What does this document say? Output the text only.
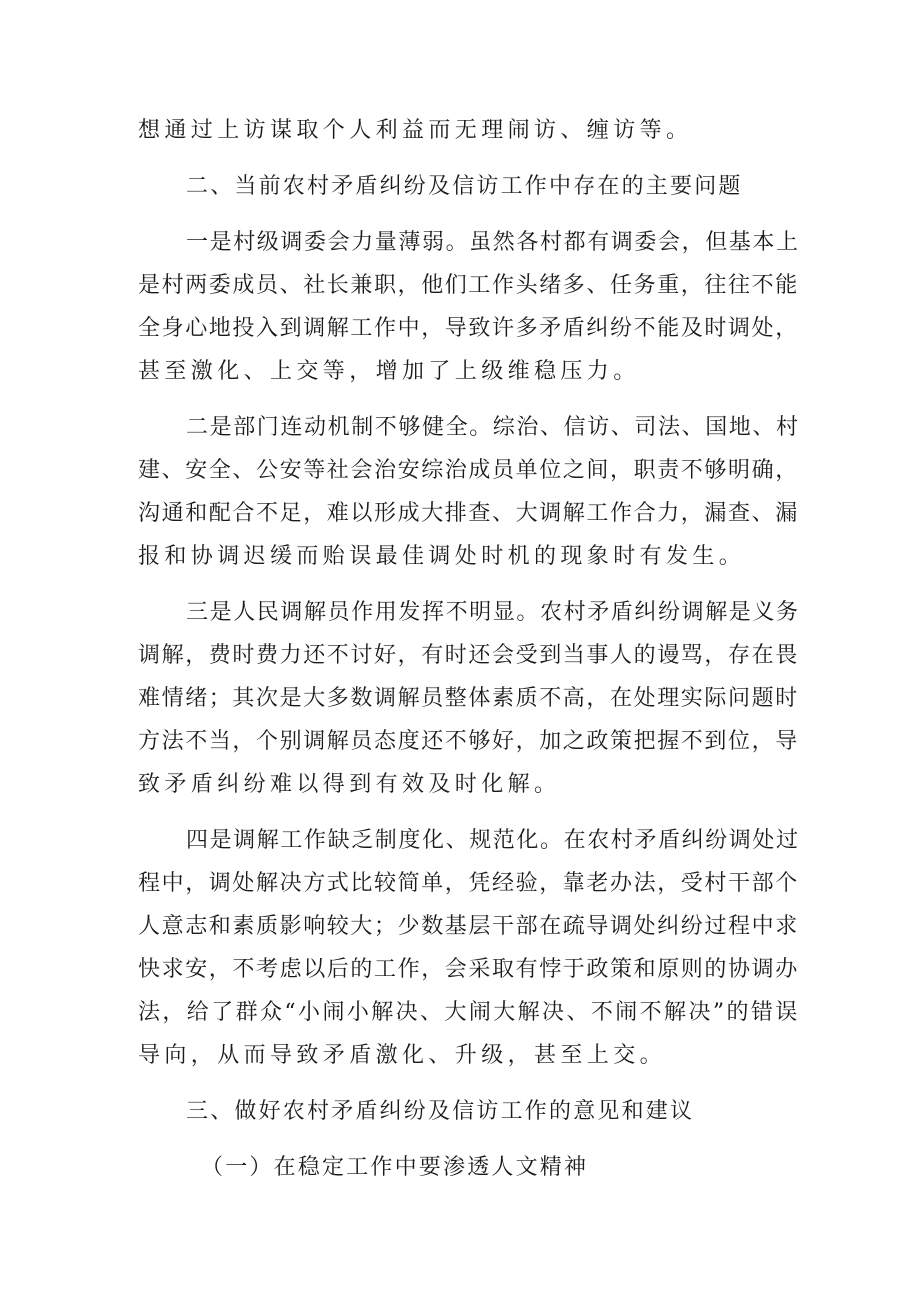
想通过上访谋取个人利益而无理闹访、缠访等。

二、当前农村矛盾纠纷及信访工作中存在的主要问题

一是村级调委会力量薄弱。虽然各村都有调委会，但基本上

是村两委成员、社长兼职，他们工作头绪多、任务重，往往不能

全身心地投入到调解工作中，导致许多矛盾纠纷不能及时调处，

甚至激化、上交等，增加了上级维稳压力。

二是部门连动机制不够健全。综治、信访、司法、国地、村

建、安全、公安等社会治安综治成员单位之间，职责不够明确，

沟通和配合不足，难以形成大排查、大调解工作合力，漏查、漏

报和协调迟缓而贻误最佳调处时机的现象时有发生。

三是人民调解员作用发挥不明显。农村矛盾纠纷调解是义务

调解，费时费力还不讨好，有时还会受到当事人的谩骂，存在畏

难情绪；其次是大多数调解员整体素质不高，在处理实际问题时

方法不当，个别调解员态度还不够好，加之政策把握不到位，导

致矛盾纠纷难以得到有效及时化解。

四是调解工作缺乏制度化、规范化。在农村矛盾纠纷调处过

程中，调处解决方式比较简单，凭经验，靠老办法，受村干部个

人意志和素质影响较大；少数基层干部在疏导调处纠纷过程中求

快求安，不考虑以后的工作，会采取有悖于政策和原则的协调办

法，给了群众“小闹小解决、大闹大解决、不闹不解决”的错误

导向，从而导致矛盾激化、升级，甚至上交。

三、做好农村矛盾纠纷及信访工作的意见和建议

（一）在稳定工作中要渗透人文精神
